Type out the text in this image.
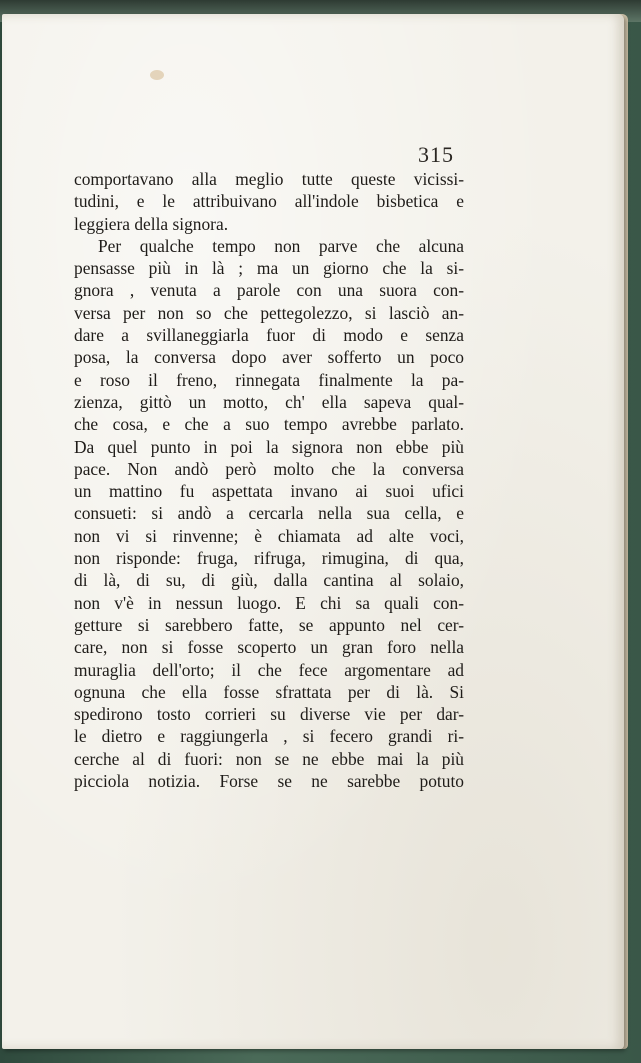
315
comportavano alla meglio tutte queste vicissi-
tudini, e le attribuivano all'indole bisbetica e
leggiera della signora.
Per qualche tempo non parve che alcuna
pensasse più in là ; ma un giorno che la si-
gnora , venuta a parole con una suora con-
versa per non so che pettegolezzo, si lasciò an-
dare a svillaneggiarla fuor di modo e senza
posa, la conversa dopo aver sofferto un poco
e roso il freno, rinnegata finalmente la pa-
zienza, gittò un motto, ch' ella sapeva qual-
che cosa, e che a suo tempo avrebbe parlato.
Da quel punto in poi la signora non ebbe più
pace. Non andò però molto che la conversa
un mattino fu aspettata invano ai suoi ufici
consueti: si andò a cercarla nella sua cella, e
non vi si rinvenne; è chiamata ad alte voci,
non risponde: fruga, rifruga, rimugina, di qua,
di là, di su, di giù, dalla cantina al solaio,
non v'è in nessun luogo. E chi sa quali con-
getture si sarebbero fatte, se appunto nel cer-
care, non si fosse scoperto un gran foro nella
muraglia dell'orto; il che fece argomentare ad
ognuna che ella fosse sfrattata per di là. Si
spedirono tosto corrieri su diverse vie per dar-
le dietro e raggiungerla , si fecero grandi ri-
cerche al di fuori: non se ne ebbe mai la più
picciola notizia. Forse se ne sarebbe potuto
